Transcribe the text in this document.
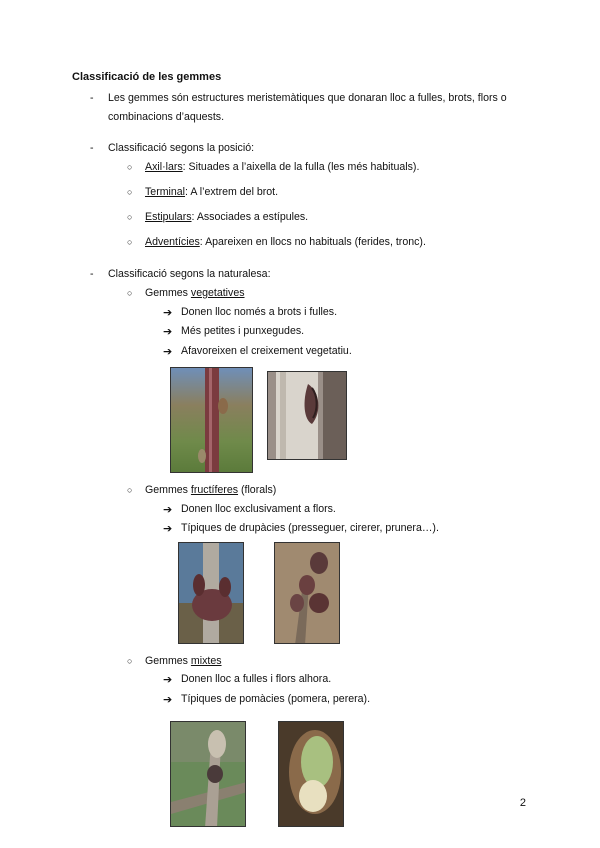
Classificació de les gemmes
-	Les gemmes són estructures meristemàtiques que donaran lloc a fulles, brots, flors o
combinacions d’aquests.
-	Classificació segons la posició:
○	Axil·lars: Situades a l’aixella de la fulla (les més habituals).
○	Terminal: A l’extrem del brot.
○	Estipulars: Associades a estípules.
○	Adventícies: Apareixen en llocs no habituals (ferides, tronc).
-	Classificació segons la naturalesa:
○	Gemmes vegetatives
➔ Donen lloc només a brots i fulles.
➔ Més petites i punxegudes.
➔ Afavoreixen el creixement vegetatiu.
○	Gemmes fructíferes (florals)
➔ Donen lloc exclusivament a flors.
➔ Típiques de drupàcies (presseguer, cirerer, prunera…).
○	Gemmes mixtes
➔ Donen lloc a fulles i flors alhora.
➔ Típiques de pomàcies (pomera, perera).
2
